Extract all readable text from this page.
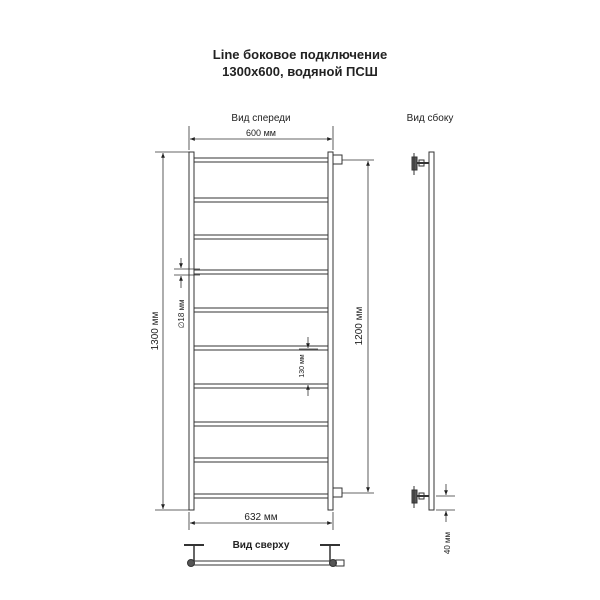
Line боковое подключение
1300х600, водяной ПСШ
Вид спереди
600 мм
1300 мм ∅18 мм
130 мм
1200 мм
632 мм
Вид сбоку
40 мм
Вид сверху
